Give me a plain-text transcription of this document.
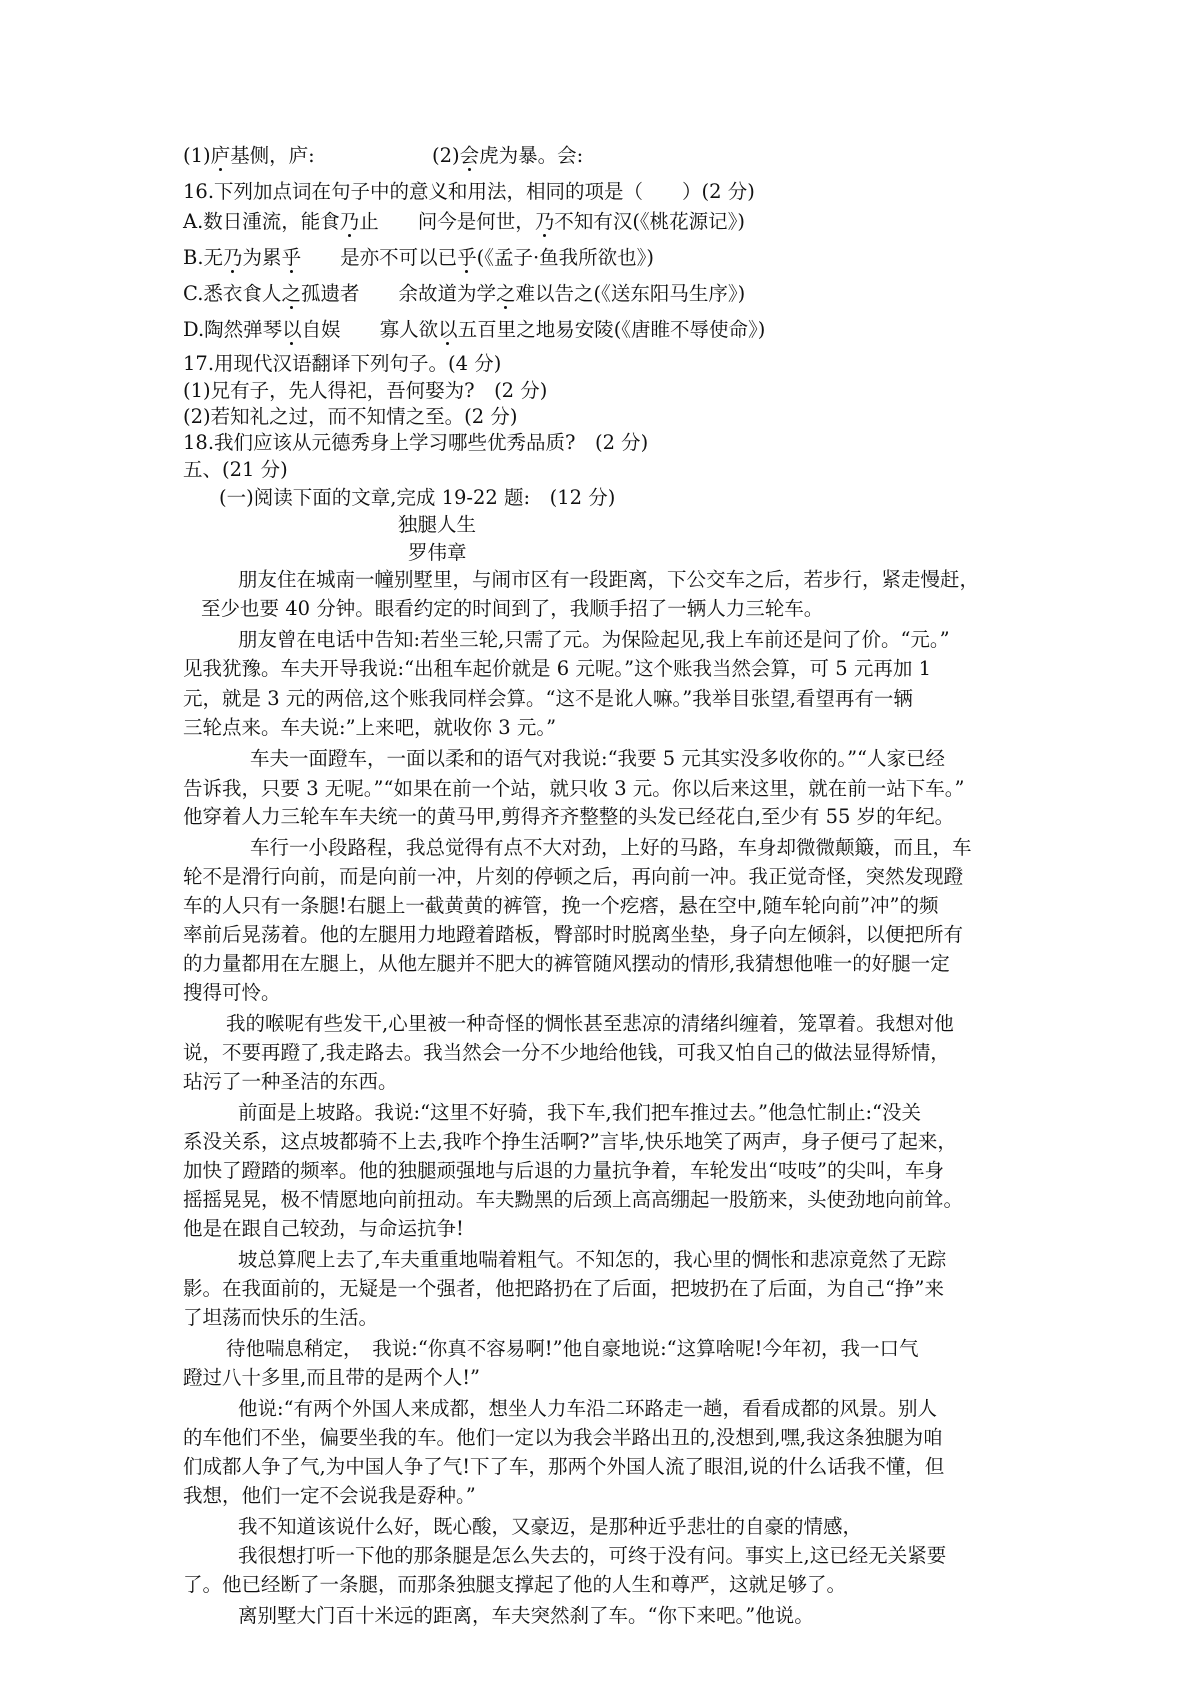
(1)庐基侧，庐:	(2)会虎为暴。会:
16.下列加点词在句子中的意义和用法，相同的项是（　　）(2 分)
A.数日湩流，能食乃止　　问今是何世，乃不知有汉(《桃花源记》)
B.无乃为累乎　　是亦不可以已乎(《孟子·鱼我所欲也》)
C.悉衣食人之孤遗者　　余故道为学之难以告之(《送东阳马生序》)
D.陶然弹琴以自娱　　寡人欲以五百里之地易安陵(《唐睢不辱使命》)
17.用现代汉语翻译下列句子。(4 分)
(1)兄有子，先人得祀，吾何娶为?　(2 分)
(2)若知礼之过，而不知情之至。(2 分)
18.我们应该从元德秀身上学习哪些优秀品质?　(2 分)
五、(21 分)
(一)阅读下面的文章,完成 19-22 题:　(12 分)
独腿人生
罗伟章
朋友住在城南一幢别墅里，与闹市区有一段距离，下公交车之后，若步行，紧走慢赶，
至少也要 40 分钟。眼看约定的时间到了，我顺手招了一辆人力三轮车。
朋友曾在电话中告知:若坐三轮,只需了元。为保险起见,我上车前还是问了价。“元。”
见我犹豫。车夫开导我说:“出租车起价就是 6 元呢。”这个账我当然会算，可 5 元再加 1
元，就是 3 元的两倍,这个账我同样会算。“这不是讹人嘛。”我举目张望,看望再有一辆
三轮点来。车夫说:”上来吧，就收你 3 元。”
车夫一面蹬车，一面以柔和的语气对我说:“我要 5 元其实没多收你的。”“人家已经
告诉我，只要 3 无呢。”“如果在前一个站，就只收 3 元。你以后来这里，就在前一站下车。”
他穿着人力三轮车车夫统一的黄马甲,剪得齐齐整整的头发已经花白,至少有 55 岁的年纪。
车行一小段路程，我总觉得有点不大对劲，上好的马路，车身却微微颠簸，而且，车
轮不是滑行向前，而是向前一冲，片刻的停顿之后，再向前一冲。我正觉奇怪，突然发现蹬
车的人只有一条腿!右腿上一截黄黄的裤管，挽一个疙瘩，悬在空中,随车轮向前”冲”的频
率前后晃荡着。他的左腿用力地蹬着踏板，臀部时时脱离坐垫，身子向左倾斜，以便把所有
的力量都用在左腿上，从他左腿并不肥大的裤管随风摆动的情形,我猜想他唯一的好腿一定
搜得可怜。
我的喉呢有些发干,心里被一种奇怪的惆怅甚至悲凉的清绪纠缠着，笼罩着。我想对他
说，不要再蹬了,我走路去。我当然会一分不少地给他钱，可我又怕自己的做法显得矫情，
玷污了一种圣洁的东西。
前面是上坡路。我说:“这里不好骑，我下车,我们把车推过去。”他急忙制止:“没关
系没关系，这点坡都骑不上去,我咋个挣生活啊?”言毕,快乐地笑了两声，身子便弓了起来，
加快了蹬踏的频率。他的独腿顽强地与后退的力量抗争着，车轮发出“吱吱”的尖叫，车身
摇摇晃晃，极不情愿地向前扭动。车夫黝黑的后颈上高高绷起一股筋来，头使劲地向前耸。
他是在跟自己较劲，与命运抗争!
坡总算爬上去了,车夫重重地喘着粗气。不知怎的，我心里的惆怅和悲凉竟然了无踪
影。在我面前的，无疑是一个强者，他把路扔在了后面，把坡扔在了后面，为自己“挣”来
了坦荡而快乐的生活。
待他喘息稍定，　我说:“你真不容易啊!”他自豪地说:“这算啥呢!今年初，我一口气
蹬过八十多里,而且带的是两个人!”
他说:“有两个外国人来成都，想坐人力车沿二环路走一趟，看看成都的风景。别人
的车他们不坐，偏要坐我的车。他们一定以为我会半路出丑的,没想到,嘿,我这条独腿为咱
们成都人争了气,为中国人争了气!下了车，那两个外国人流了眼泪,说的什么话我不懂，但
我想，他们一定不会说我是孬种。”
我不知道该说什么好，既心酸，又豪迈，是那种近乎悲壮的自豪的情感，
我很想打听一下他的那条腿是怎么失去的，可终于没有问。事实上,这已经无关紧要
了。他已经断了一条腿，而那条独腿支撑起了他的人生和尊严，这就足够了。
离别墅大门百十米远的距离，车夫突然刹了车。“你下来吧。”他说。
